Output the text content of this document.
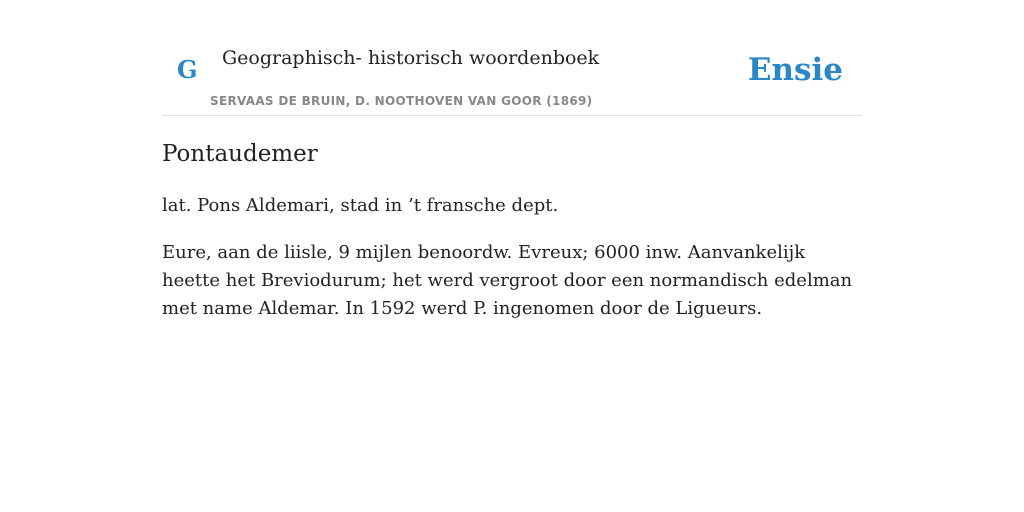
G Geographisch- historisch woordenboek
SERVAAS DE BRUIN, D. NOOTHOVEN VAN GOOR (1869)
Ensie
Pontaudemer

lat. Pons Aldemari, stad in ’t fransche dept.

Eure, aan de liisle, 9 mijlen benoordw. Evreux; 6000 inw. Aanvankelijk heette het Breviodurum; het werd vergroot door een normandisch edelman met name Aldemar. In 1592 werd P. ingenomen door de Ligueurs.
